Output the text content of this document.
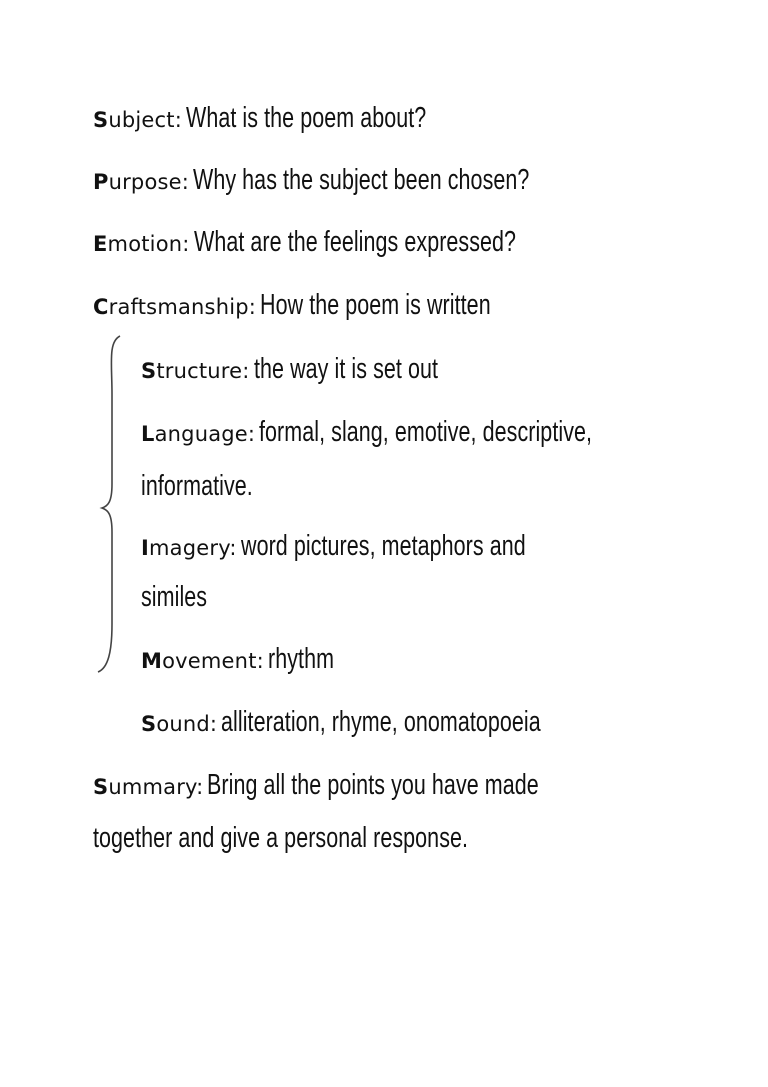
Subject: What is the poem about?
Purpose: Why has the subject been chosen?
Emotion: What are the feelings expressed?
Craftsmanship: How the poem is written
Structure: the way it is set out
Language: formal, slang, emotive, descriptive,
informative.
Imagery: word pictures, metaphors and
similes
Movement: rhythm
Sound: alliteration, rhyme, onomatopoeia
Summary: Bring all the points you have made
together and give a personal response.
